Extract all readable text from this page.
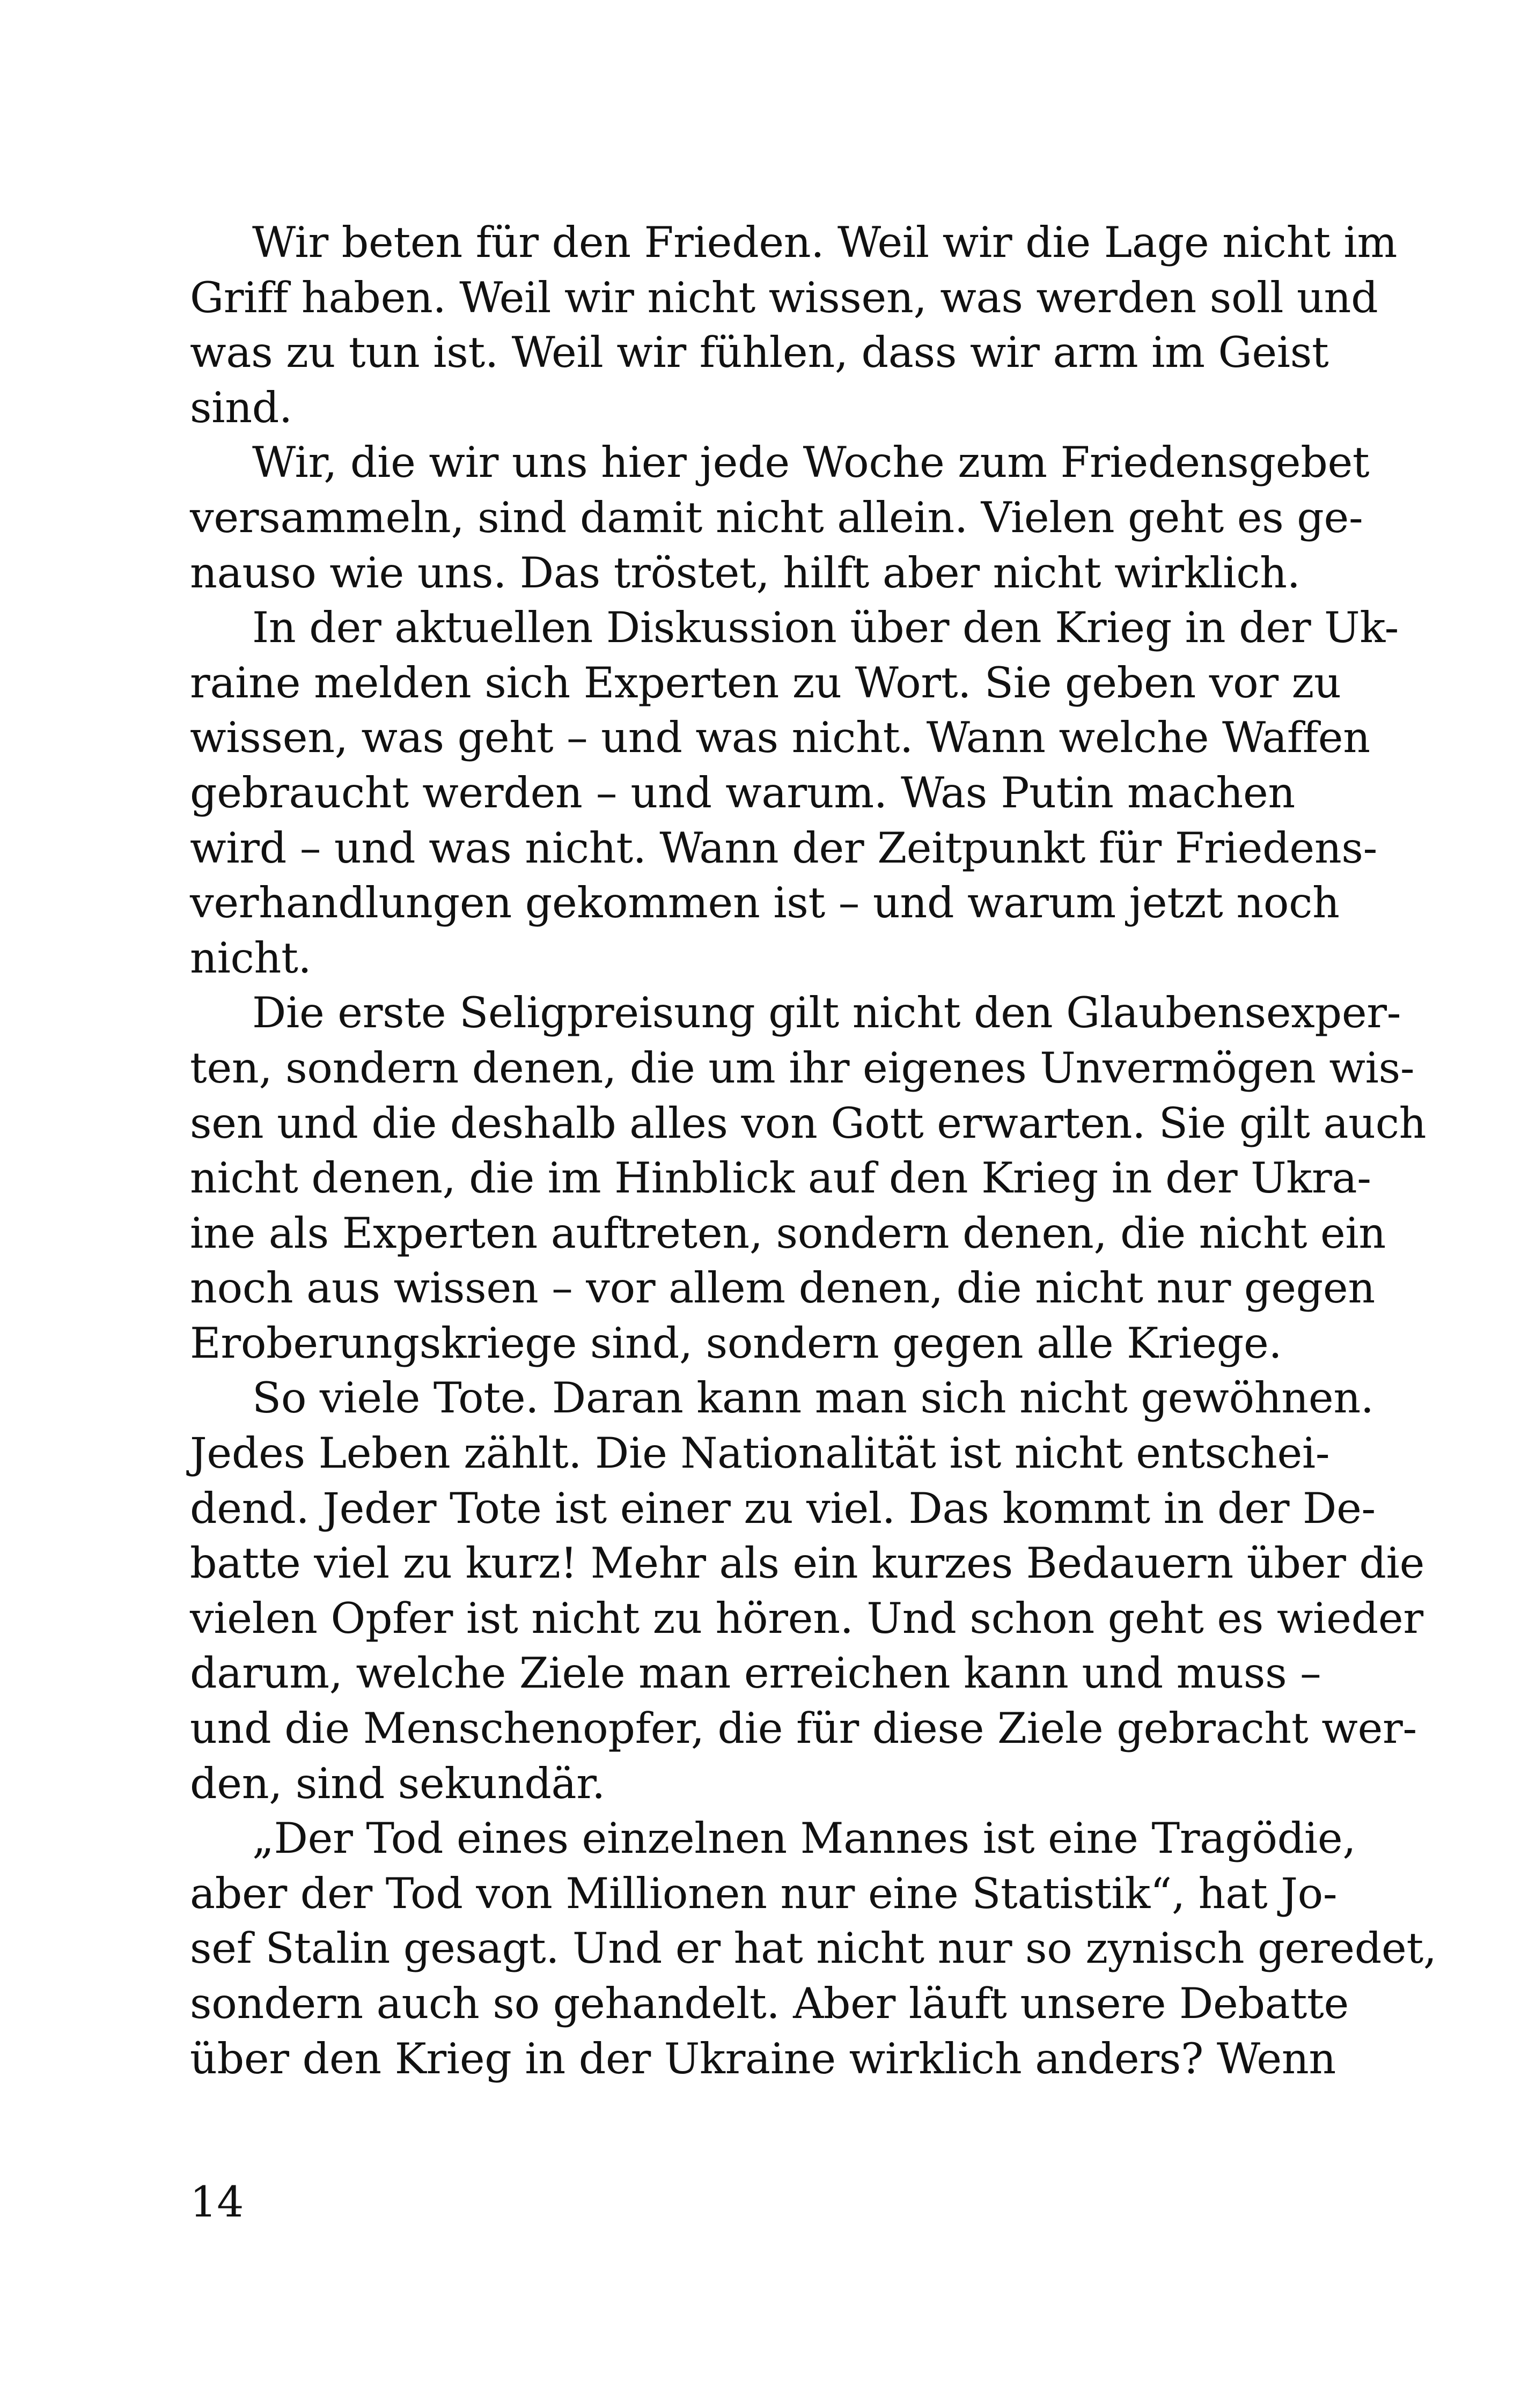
Wir beten für den Frieden. Weil wir die Lage nicht im
Griff haben. Weil wir nicht wissen, was werden soll und
was zu tun ist. Weil wir fühlen, dass wir arm im Geist
sind.
Wir, die wir uns hier jede Woche zum Friedensgebet
versammeln, sind damit nicht allein. Vielen geht es ge-
nauso wie uns. Das tröstet, hilft aber nicht wirklich.
In der aktuellen Diskussion über den Krieg in der Uk-
raine melden sich Experten zu Wort. Sie geben vor zu
wissen, was geht – und was nicht. Wann welche Waffen
gebraucht werden – und warum. Was Putin machen
wird – und was nicht. Wann der Zeitpunkt für Friedens-
verhandlungen gekommen ist – und warum jetzt noch
nicht.
Die erste Seligpreisung gilt nicht den Glaubensexper-
ten, sondern denen, die um ihr eigenes Unvermögen wis-
sen und die deshalb alles von Gott erwarten. Sie gilt auch
nicht denen, die im Hinblick auf den Krieg in der Ukra-
ine als Experten auftreten, sondern denen, die nicht ein
noch aus wissen – vor allem denen, die nicht nur gegen
Eroberungskriege sind, sondern gegen alle Kriege.
So viele Tote. Daran kann man sich nicht gewöhnen.
Jedes Leben zählt. Die Nationalität ist nicht entschei-
dend. Jeder Tote ist einer zu viel. Das kommt in der De-
batte viel zu kurz! Mehr als ein kurzes Bedauern über die
vielen Opfer ist nicht zu hören. Und schon geht es wieder
darum, welche Ziele man erreichen kann und muss –
und die Menschenopfer, die für diese Ziele gebracht wer-
den, sind sekundär.
„Der Tod eines einzelnen Mannes ist eine Tragödie,
aber der Tod von Millionen nur eine Statistik“, hat Jo-
sef Stalin gesagt. Und er hat nicht nur so zynisch geredet,
sondern auch so gehandelt. Aber läuft unsere Debatte
über den Krieg in der Ukraine wirklich anders? Wenn
14
